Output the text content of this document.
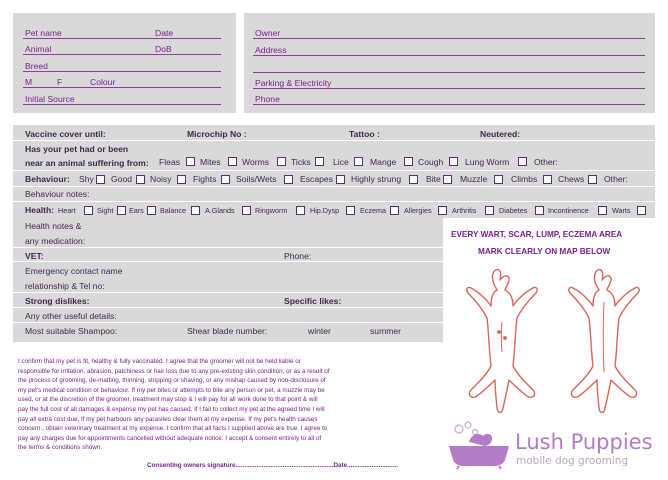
Pet name	Date
Animal	DoB
Breed
M	F	Colour
Initial Source
Owner
Address
Parking & Electricity
Phone
Vaccine cover until:	Microchip No :	Tattoo :	Neutered:
Has your pet had or been
near an animal suffering from: Fleas Mites Worms	Ticks	Lice Mange	Cough	Lung Worm	Other:
Behaviour: Shy Good Noisy	Fights Soils/Wets	Escapes Highly strung	Bite Muzzle	Climbs Chews Other:
Behaviour notes:
Health: Heart	Sight Ears Balance	A.Glands	Ringworm	Hip.Dysp	Eczema	Allergies	Arthritis	Diabetes	Incontinence	Warts
Health notes &
any medication:
VET:	Phone:
Emergency contact name
relationship & Tel no:
Strong dislikes:	Specific likes:
Any other useful details:
Most suitable Shampoo:	Shear blade number:	winter	summer
EVERY WART, SCAR, LUMP, ECZEMA AREA
MARK CLEARLY ON MAP BELOW
I confirm that my pet is fit, healthy & fully vaccinated. I agree that the groomer will not be held liable or
responsible for irritation, abrasion, patchiness or hair loss due to any pre-existing skin condition, or as a result of
the process of grooming, de-matting, thinning, stripping or shaving, or any mishap caused by non-disclosure of
my pet's medical condition or behaviour. If my pet bites or attempts to bite any person or pet, a muzzle may be
used, or at the discretion of the groomer, treatment may stop & I will pay for all work done to that point & will
pay the full cost of all damages & expense my pet has caused. If I fail to collect my pet at the agreed time I will
pay all extra cost due. If my pet harbours any parasites clear them at my expense. If my pet's health causes
concern , obtain veterinary treatment at my expense. I confirm that all facts I supplied above are true. I agree to
pay any charges due for appointments cancelled without adequate notice. I accept & consent entirely to all of
the terms & conditions shown.
Consenting owners signature........................................................Date.............................
Lush Puppies
mobile dog grooming
